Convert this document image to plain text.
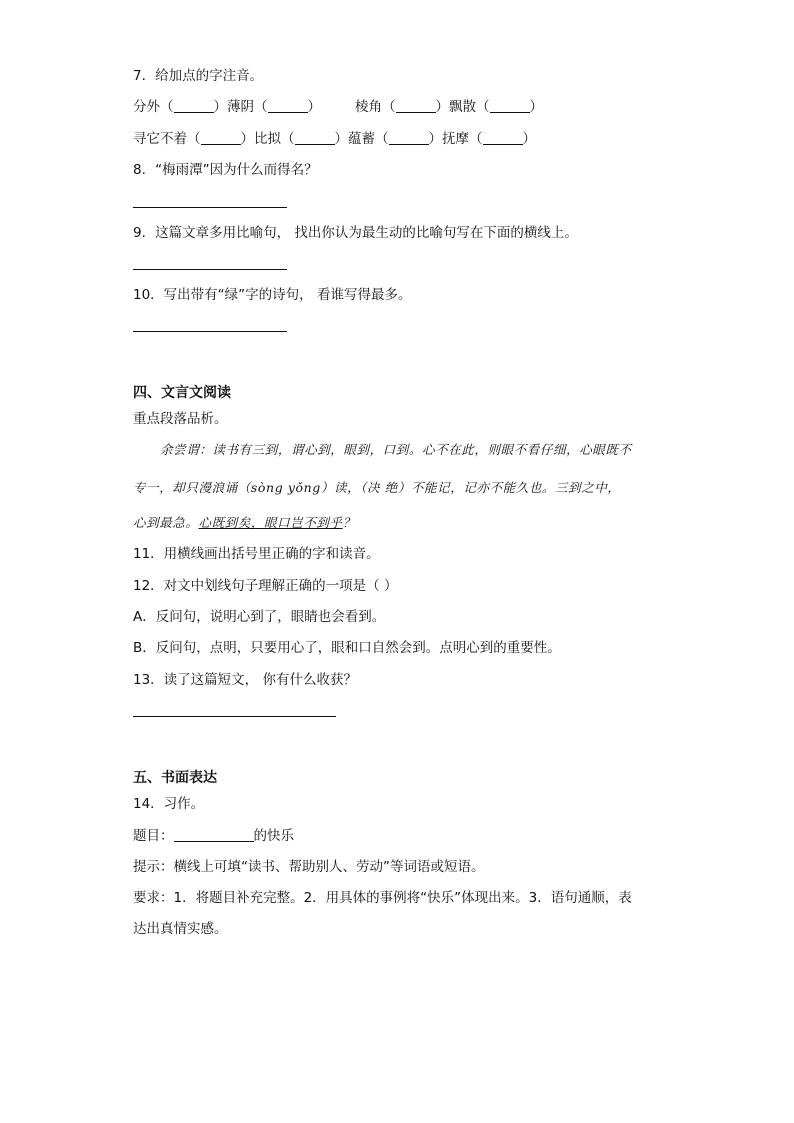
7．给加点的字注音。
分外（	）薄阴（	）	棱角（	）飘散（	）
寻它不着（	）比拟（	）蕴蓄（	）抚摩（	）
8．“梅雨潭”因为什么而得名？
9．这篇文章多用比喻句， 找出你认为最生动的比喻句写在下面的横线上。
10．写出带有“绿”字的诗句， 看谁写得最多。
四、文言文阅读
重点段落品析。
余尝谓：读书有三到，谓心到，眼到，口到。心不在此，则眼不看仔细，心眼既不
专一，却只漫浪诵（sòng yǒng）读，（决 绝）不能记，记亦不能久也。三到之中，
心到最急。心既到矣，眼口岂不到乎？
11．用横线画出括号里正确的字和读音。
12．对文中划线句子理解正确的一项是（ ）
A．反问句，说明心到了，眼睛也会看到。
B．反问句，点明，只要用心了，眼和口自然会到。点明心到的重要性。
13．读了这篇短文， 你有什么收获？
五、书面表达
14．习作。
题目：	的快乐
提示：横线上可填“读书、帮助别人、劳动”等词语或短语。
要求：1．将题目补充完整。2．用具体的事例将“快乐”体现出来。3．语句通顺，表
达出真情实感。
